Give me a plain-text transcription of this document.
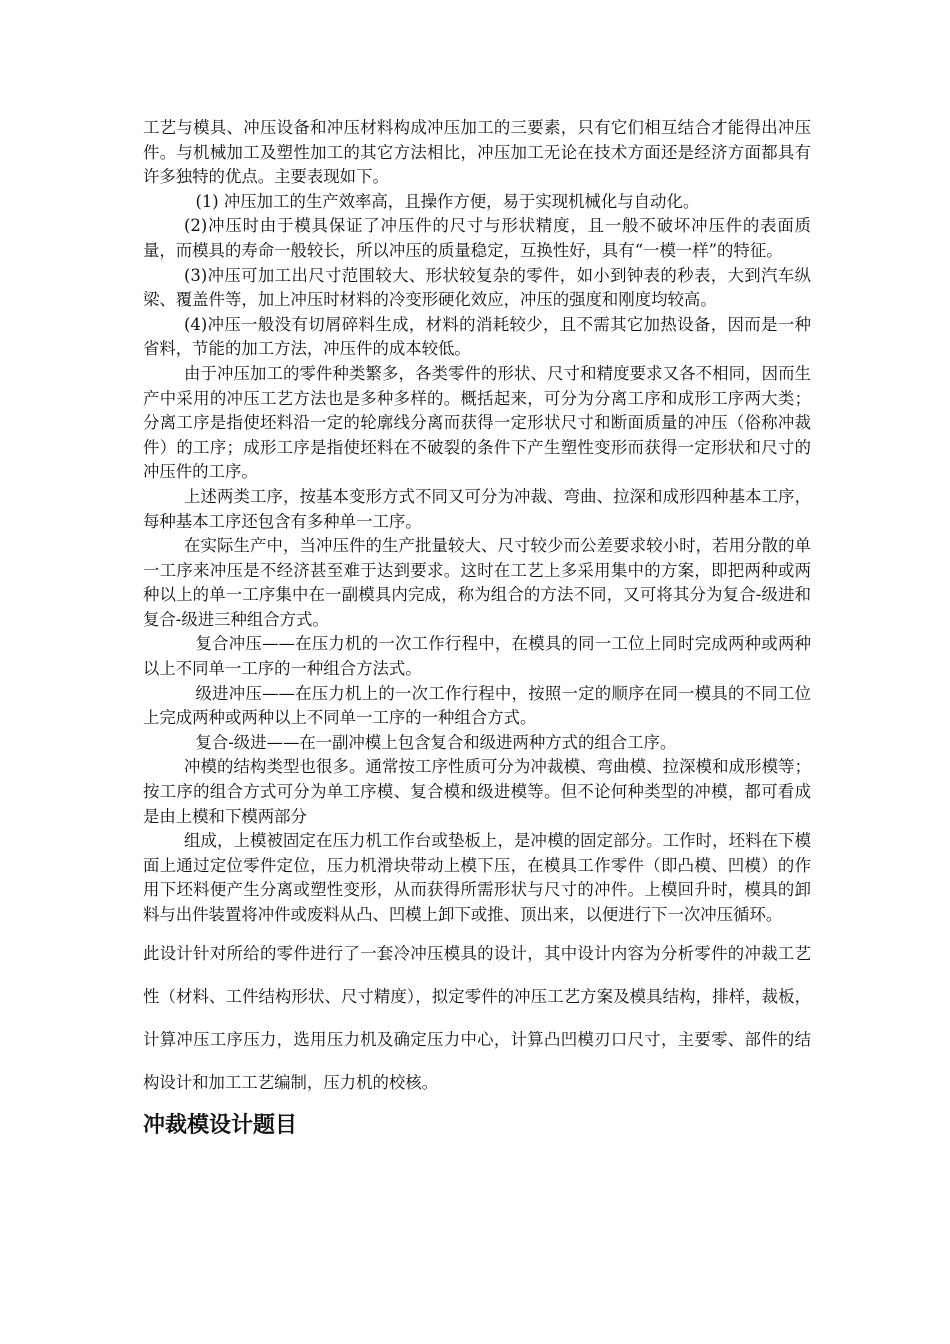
工艺与模具、冲压设备和冲压材料构成冲压加工的三要素，只有它们相互结合才能得出冲压件。与机械加工及塑性加工的其它方法相比，冲压加工无论在技术方面还是经济方面都具有许多独特的优点。主要表现如下。

(1) 冲压加工的生产效率高，且操作方便，易于实现机械化与自动化。

(2)冲压时由于模具保证了冲压件的尺寸与形状精度，且一般不破坏冲压件的表面质量，而模具的寿命一般较长，所以冲压的质量稳定，互换性好，具有“一模一样”的特征。

(3)冲压可加工出尺寸范围较大、形状较复杂的零件，如小到钟表的秒表，大到汽车纵梁、覆盖件等，加上冲压时材料的冷变形硬化效应，冲压的强度和刚度均较高。

(4)冲压一般没有切屑碎料生成，材料的消耗较少，且不需其它加热设备，因而是一种省料，节能的加工方法，冲压件的成本较低。

由于冲压加工的零件种类繁多，各类零件的形状、尺寸和精度要求又各不相同，因而生产中采用的冲压工艺方法也是多种多样的。概括起来，可分为分离工序和成形工序两大类；分离工序是指使坯料沿一定的轮廓线分离而获得一定形状尺寸和断面质量的冲压（俗称冲裁件）的工序；成形工序是指使坯料在不破裂的条件下产生塑性变形而获得一定形状和尺寸的冲压件的工序。

上述两类工序，按基本变形方式不同又可分为冲裁、弯曲、拉深和成形四种基本工序，每种基本工序还包含有多种单一工序。

在实际生产中，当冲压件的生产批量较大、尺寸较少而公差要求较小时，若用分散的单一工序来冲压是不经济甚至难于达到要求。这时在工艺上多采用集中的方案，即把两种或两种以上的单一工序集中在一副模具内完成，称为组合的方法不同，又可将其分为复合-级进和复合-级进三种组合方式。

复合冲压——在压力机的一次工作行程中，在模具的同一工位上同时完成两种或两种以上不同单一工序的一种组合方法式。

级进冲压——在压力机上的一次工作行程中，按照一定的顺序在同一模具的不同工位上完成两种或两种以上不同单一工序的一种组合方式。

复合-级进——在一副冲模上包含复合和级进两种方式的组合工序。

冲模的结构类型也很多。通常按工序性质可分为冲裁模、弯曲模、拉深模和成形模等；按工序的组合方式可分为单工序模、复合模和级进模等。但不论何种类型的冲模，都可看成是由上模和下模两部分

组成，上模被固定在压力机工作台或垫板上，是冲模的固定部分。工作时，坯料在下模面上通过定位零件定位，压力机滑块带动上模下压，在模具工作零件（即凸模、凹模）的作用下坯料便产生分离或塑性变形，从而获得所需形状与尺寸的冲件。上模回升时，模具的卸料与出件装置将冲件或废料从凸、凹模上卸下或推、顶出来，以便进行下一次冲压循环。

此设计针对所给的零件进行了一套冷冲压模具的设计，其中设计内容为分析零件的冲裁工艺性（材料、工件结构形状、尺寸精度），拟定零件的冲压工艺方案及模具结构，排样，裁板，计算冲压工序压力，选用压力机及确定压力中心，计算凸凹模刃口尺寸，主要零、部件的结构设计和加工工艺编制，压力机的校核。

冲裁模设计题目
